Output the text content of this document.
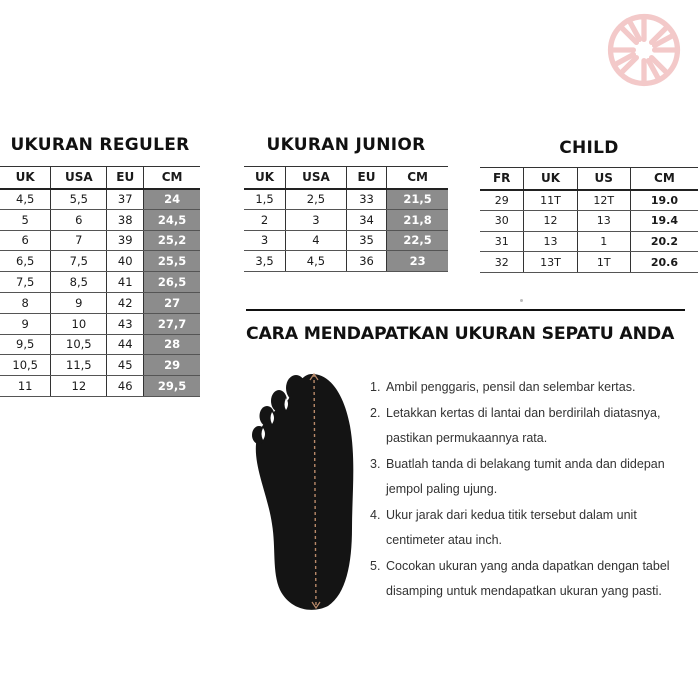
UKURAN REGULER
UK	USA	EU	CM
4,5	5,5	37	24
5	6	38	24,5
6	7	39	25,2
6,5	7,5	40	25,5
7,5	8,5	41	26,5
8	9	42	27
9	10	43	27,7
9,5	10,5	44	28
10,5	11,5	45	29
11	12	46	29,5
UKURAN JUNIOR
UK	USA	EU	CM
1,5	2,5	33	21,5
2	3	34	21,8
3	4	35	22,5
3,5	4,5	36	23
CHILD
FR	UK	US	CM
29	11T	12T	19.0
30	12	13	19.4
31	13	1	20.2
32	13T	1T	20.6
CARA MENDAPATKAN UKURAN SEPATU ANDA
1. Ambil penggaris, pensil dan selembar kertas.
2. Letakkan kertas di lantai dan berdirilah diatasnya,
pastikan permukaannya rata.
3. Buatlah tanda di belakang tumit anda dan didepan
jempol paling ujung.
4. Ukur jarak dari kedua titik tersebut dalam unit
centimeter atau inch.
5. Cocokan ukuran yang anda dapatkan dengan tabel
disamping untuk mendapatkan ukuran yang pasti.
